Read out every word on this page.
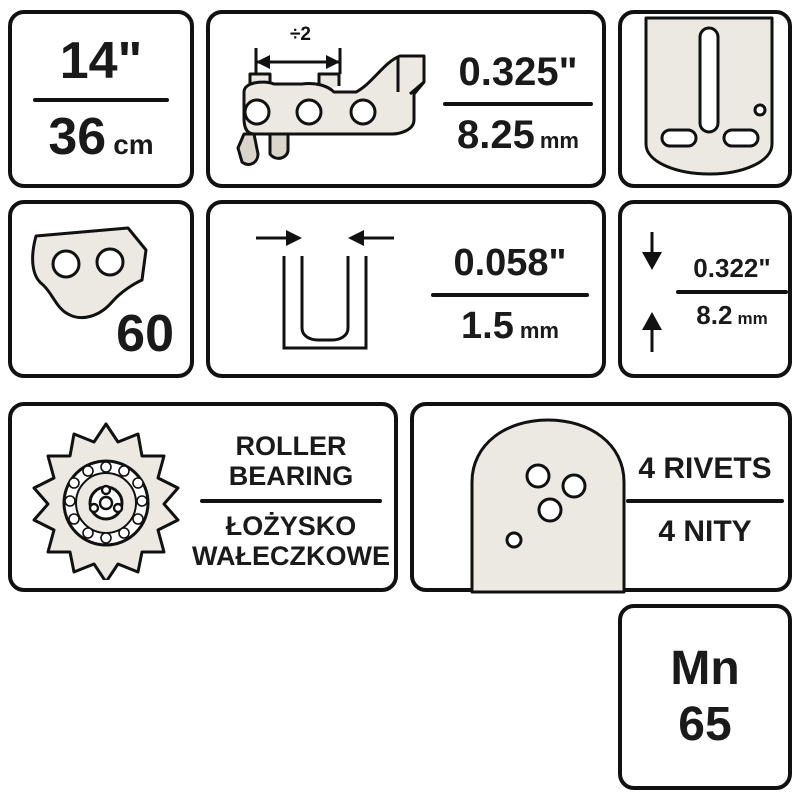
14"
36 cm
÷2
0.325"
8.25 mm
60
0.058"
1.5 mm
0.322"
8.2 mm
ROLLER
BEARING
ŁOŻYSKO
WAŁECZKOWE
4 RIVETS
4 NITY
Mn
65
